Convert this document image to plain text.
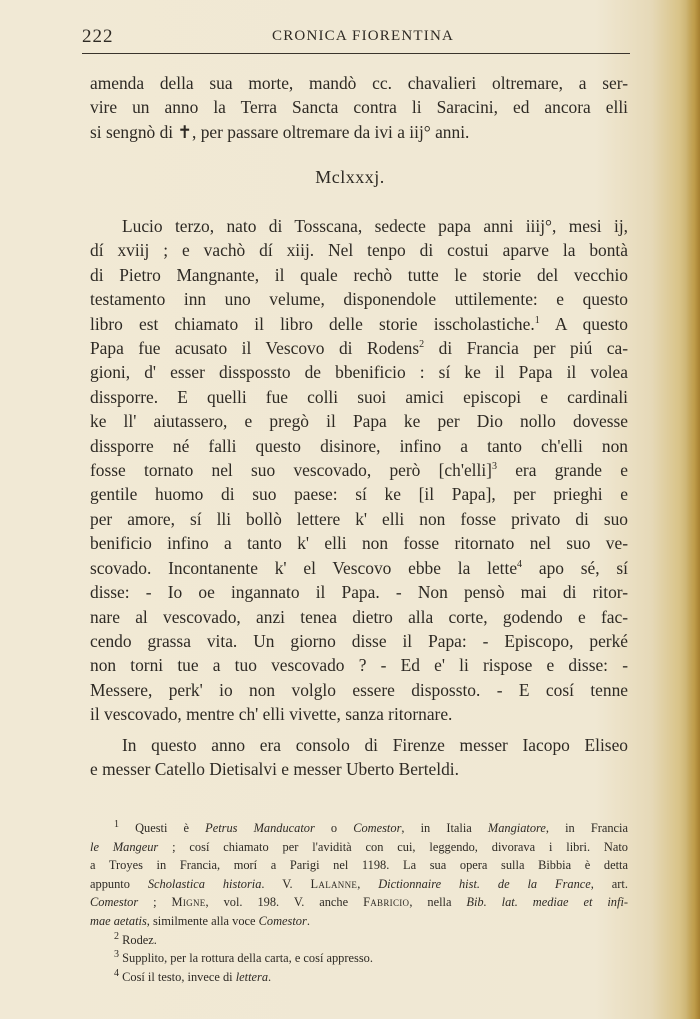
222	CRONICA FIORENTINA
amenda della sua morte, mandò cc. chavalieri oltremare, a ser-
vire un anno la Terra Sancta contra li Saracini, ed ancora elli
si sengnò di ✝, per passare oltremare da ivi a iij° anni.
Mclxxxj.
Lucio terzo, nato di Tosscana, sedecte papa anni iiij°, mesi ij,
dí xviij ; e vachò dí xiij. Nel tenpo di costui aparve la bontà
di Pietro Mangnante, il quale rechò tutte le storie del vecchio
testamento inn uno velume, disponendole uttilemente: e questo
libro est chiamato il libro delle storie isscholastiche.$^1$ A questo
Papa fue acusato il Vescovo di Rodens$^2$ di Francia per piú ca-
gioni, d' esser disspossto de bbenificio : sí ke il Papa il volea
dissporre. E quelli fue colli suoi amici episcopi e cardinali
ke ll' aiutassero, e pregò il Papa ke per Dio nollo dovesse
dissporre né falli questo disinore, infino a tanto ch'elli non
fosse tornato nel suo vescovado, però [ch'elli]$^3$ era grande e
gentile huomo di suo paese: sí ke [il Papa], per prieghi e
per amore, sí lli bollò lettere k' elli non fosse privato di suo
benificio infino a tanto k' elli non fosse ritornato nel suo ve-
scovado. Incontanente k' el Vescovo ebbe la lette$^4$ apo sé, sí
disse: - Io oe ingannato il Papa. - Non pensò mai di ritor-
nare al vescovado, anzi tenea dietro alla corte, godendo e fac-
cendo grassa vita. Un giorno disse il Papa: - Episcopo, perké
non torni tue a tuo vescovado ? - Ed e' li rispose e disse: -
Messere, perk' io non volglo essere dispossto. - E cosí tenne
il vescovado, mentre ch' elli vivette, sanza ritornare.
In questo anno era consolo di Firenze messer Iacopo Eliseo
e messer Catello Dietisalvi e messer Uberto Berteldi.
$^1$ Questi è Petrus Manducator o Comestor, in Italia Mangiatore, in Francia
le Mangeur ; cosí chiamato per l'avidità con cui, leggendo, divorava i libri. Nato
a Troyes in Francia, morí a Parigi nel 1198. La sua opera sulla Bibbia è detta
appunto Scholastica historia. V. Lalanne, Dictionnaire hist. de la France, art.
Comestor ; Migne, vol. 198. V. anche Fabricio, nella Bib. lat. mediae et infi-
mae aetatis, similmente alla voce Comestor.
$^2$ Rodez.
$^3$ Supplito, per la rottura della carta, e cosí appresso.
$^4$ Cosí il testo, invece di lettera.
